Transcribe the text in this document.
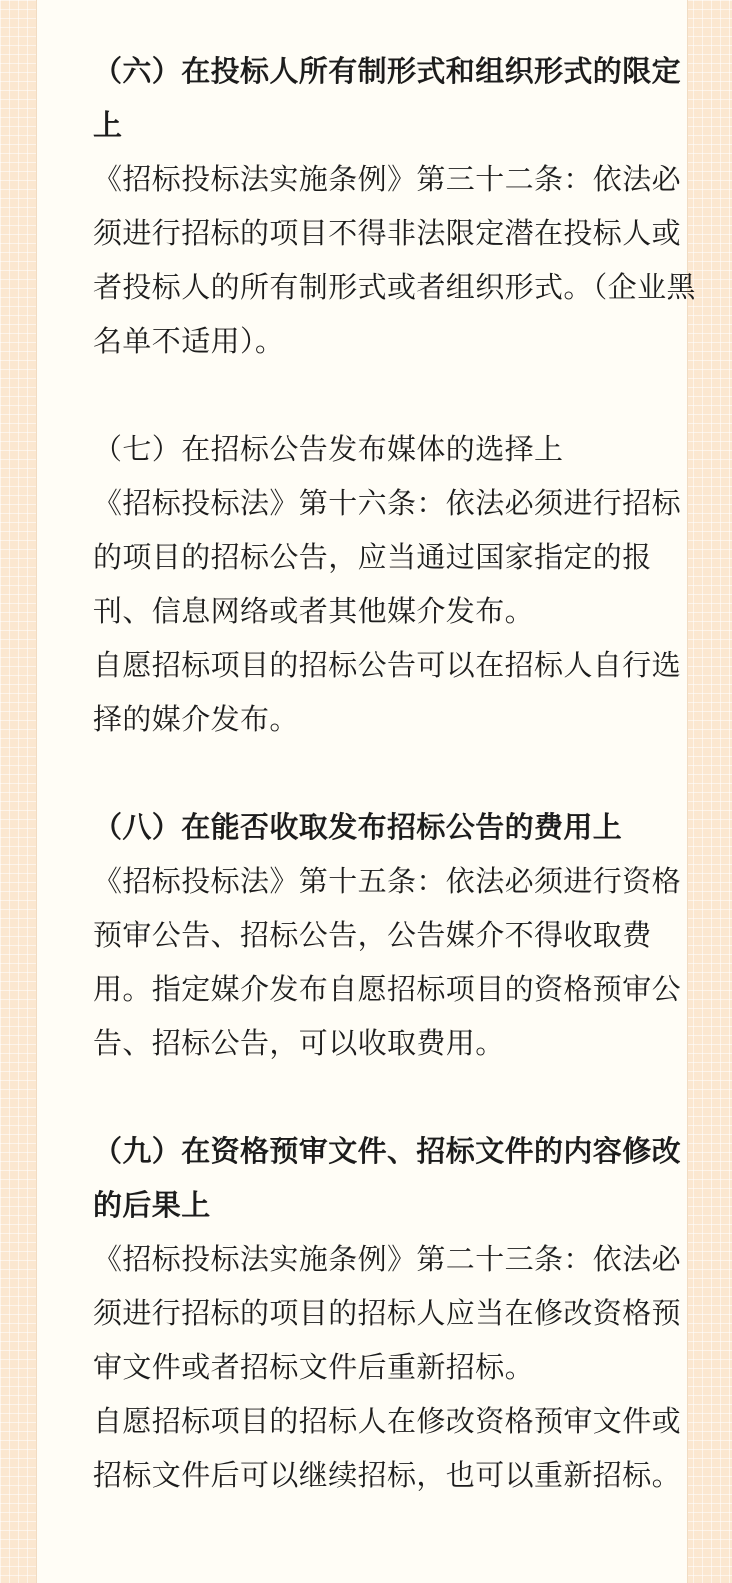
（六）在投标人所有制形式和组织形式的限定上
《招标投标法实施条例》第三十二条：依法必须进行招标的项目不得非法限定潜在投标人或者投标人的所有制形式或者组织形式。（企业黑名单不适用）。
（七）在招标公告发布媒体的选择上
《招标投标法》第十六条：依法必须进行招标的项目的招标公告，应当通过国家指定的报刊、信息网络或者其他媒介发布。
自愿招标项目的招标公告可以在招标人自行选择的媒介发布。
（八）在能否收取发布招标公告的费用上
《招标投标法》第十五条：依法必须进行资格预审公告、招标公告，公告媒介不得收取费用。指定媒介发布自愿招标项目的资格预审公告、招标公告，可以收取费用。
（九）在资格预审文件、招标文件的内容修改的后果上
《招标投标法实施条例》第二十三条：依法必须进行招标的项目的招标人应当在修改资格预审文件或者招标文件后重新招标。
自愿招标项目的招标人在修改资格预审文件或招标文件后可以继续招标，也可以重新招标。
